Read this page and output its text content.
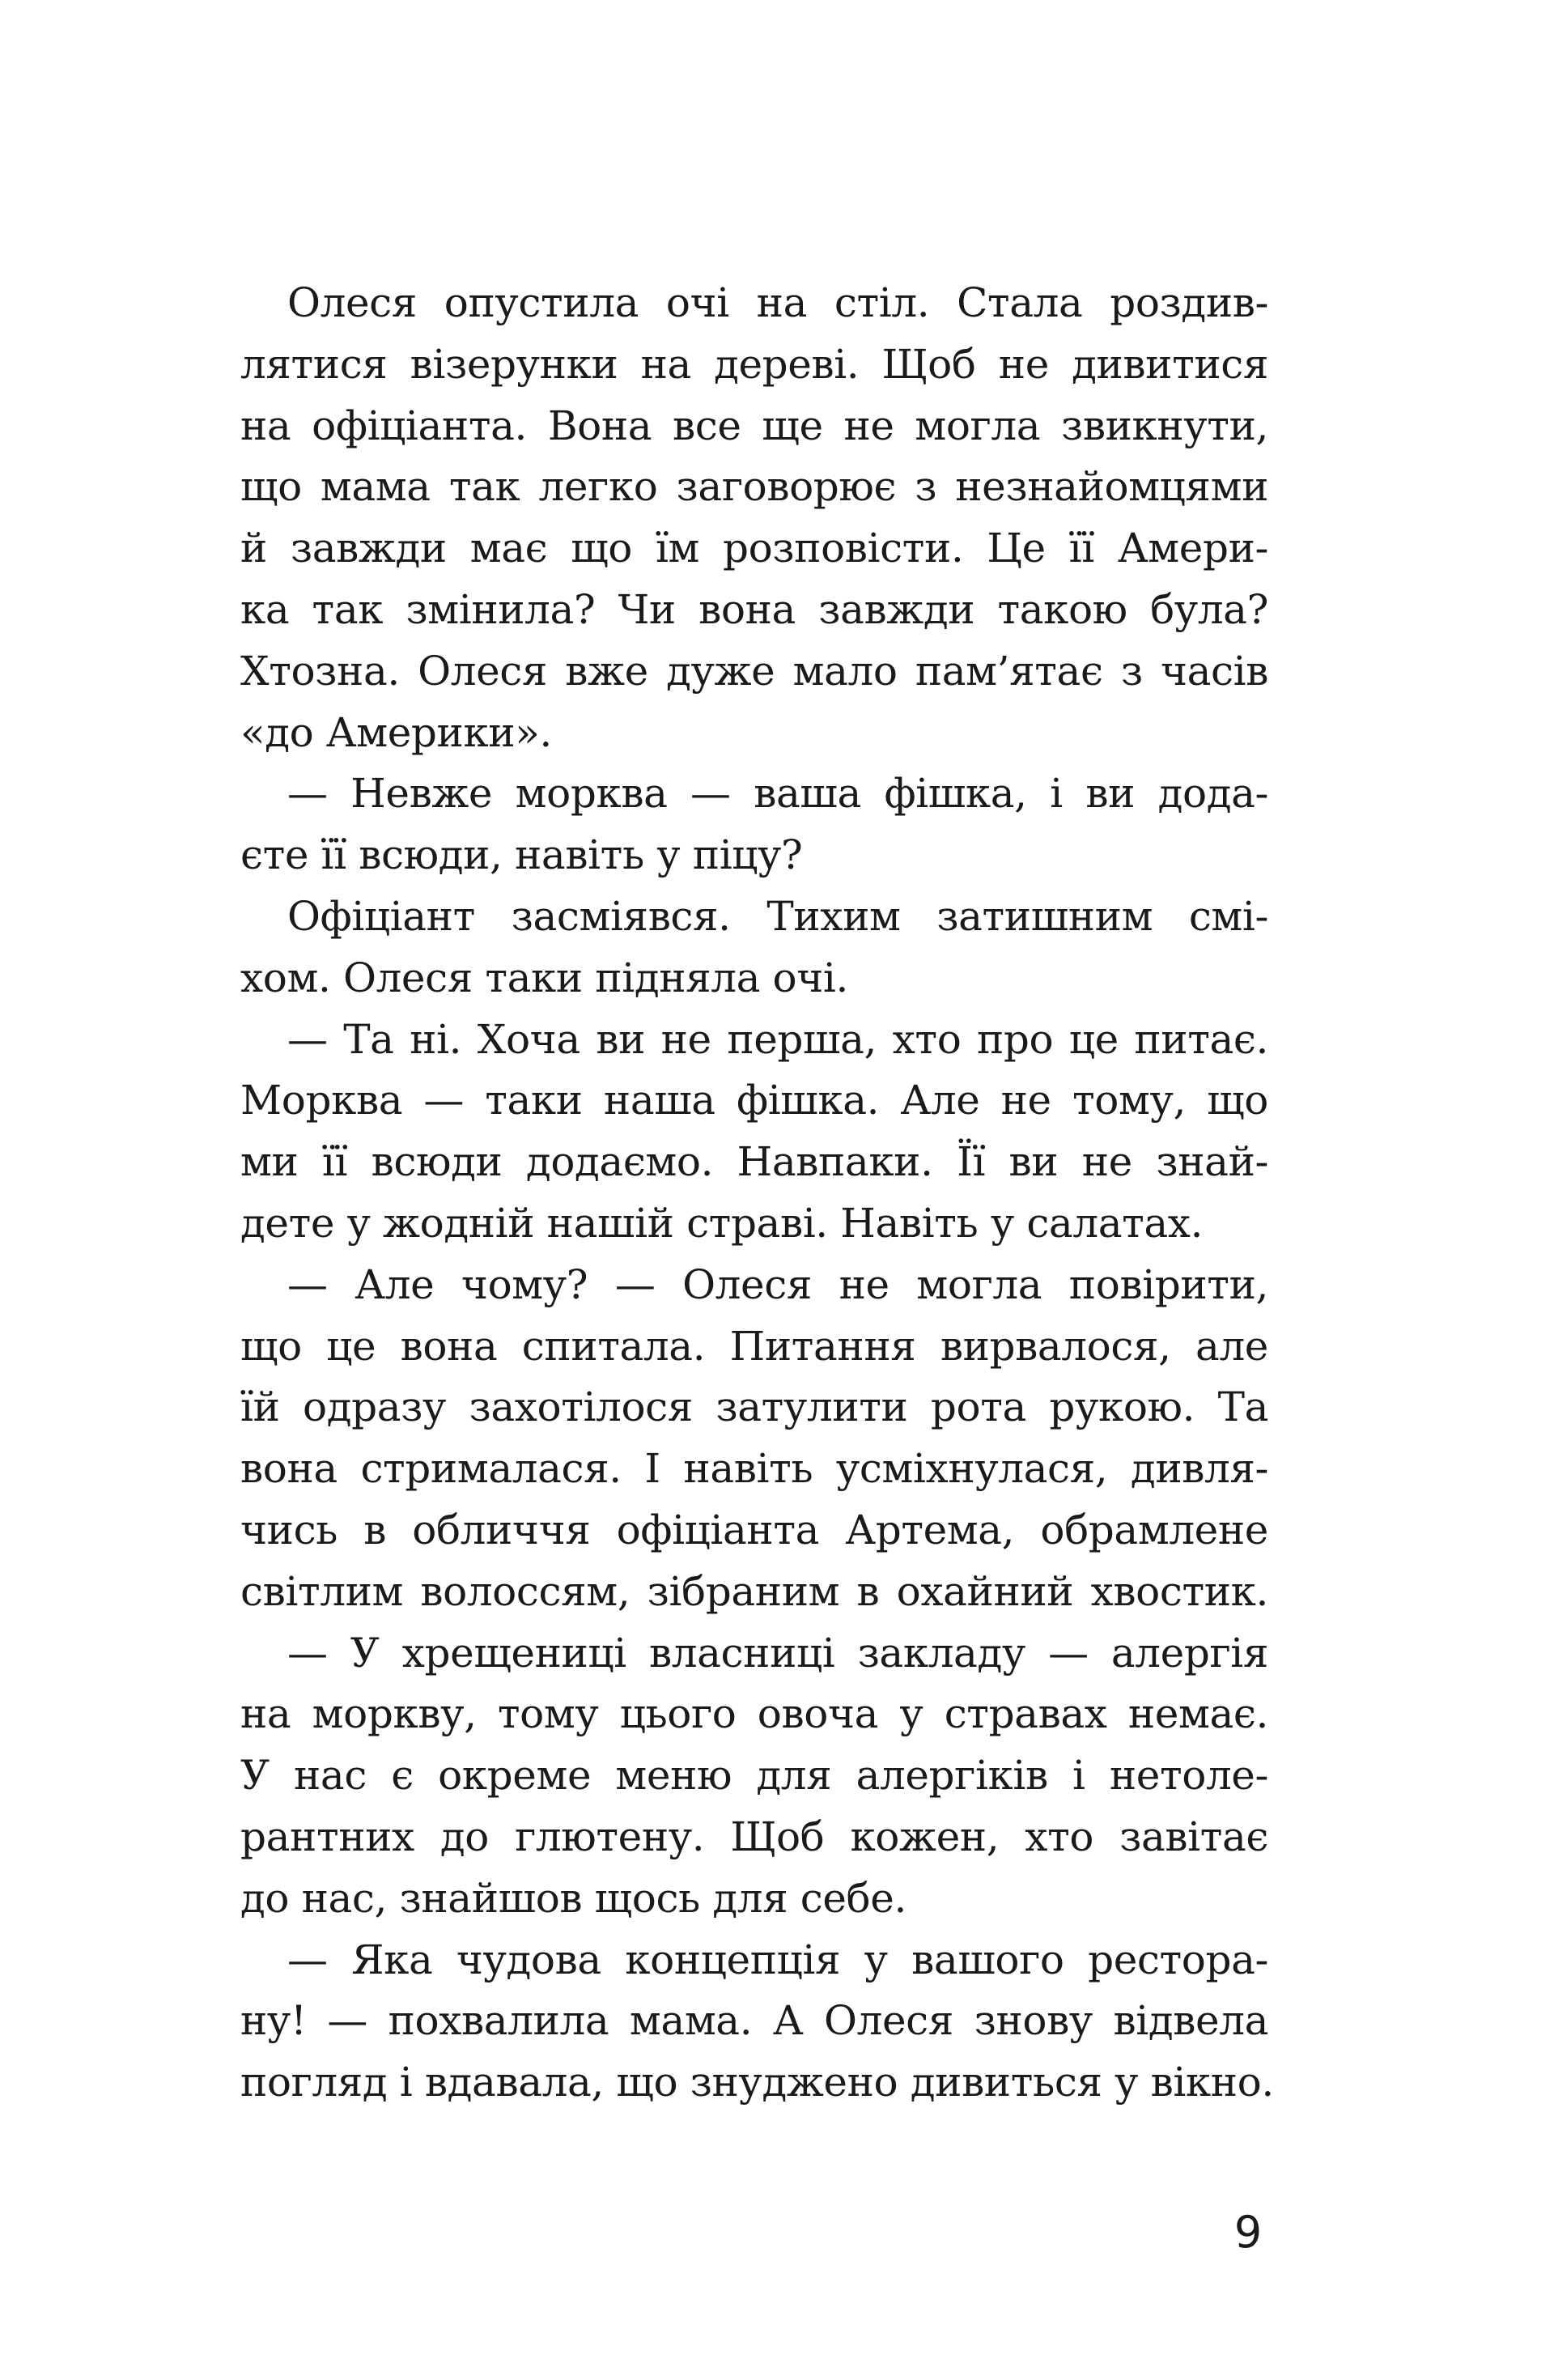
Олеся опустила очі на стіл. Стала роздив-
лятися візерунки на дереві. Щоб не дивитися
на офіціанта. Вона все ще не могла звикнути,
що мама так легко заговорює з незнайомцями
й завжди має що їм розповісти. Це її Амери-
ка так змінила? Чи вона завжди такою була?
Хтозна. Олеся вже дуже мало пам’ятає з часів
«до Америки».
— Невже морква — ваша фішка, і ви дода-
єте її всюди, навіть у піцу?
Офіціант засміявся. Тихим затишним смі-
хом. Олеся таки підняла очі.
— Та ні. Хоча ви не перша, хто про це питає.
Морква — таки наша фішка. Але не тому, що
ми її всюди додаємо. Навпаки. Її ви не знай-
дете у жодній нашій страві. Навіть у салатах.
— Але чому? — Олеся не могла повірити,
що це вона спитала. Питання вирвалося, але
їй одразу захотілося затулити рота рукою. Та
вона стрималася. І навіть усміхнулася, дивля-
чись в обличчя офіціанта Артема, обрамлене
світлим волоссям, зібраним в охайний хвостик.
— У хрещениці власниці закладу — алергія
на моркву, тому цього овоча у стравах немає.
У нас є окреме меню для алергіків і нетоле-
рантних до глютену. Щоб кожен, хто завітає
до нас, знайшов щось для себе.
— Яка чудова концепція у вашого рестора-
ну! — похвалила мама. А Олеся знову відвела
погляд і вдавала, що знуджено дивиться у вікно.
9
